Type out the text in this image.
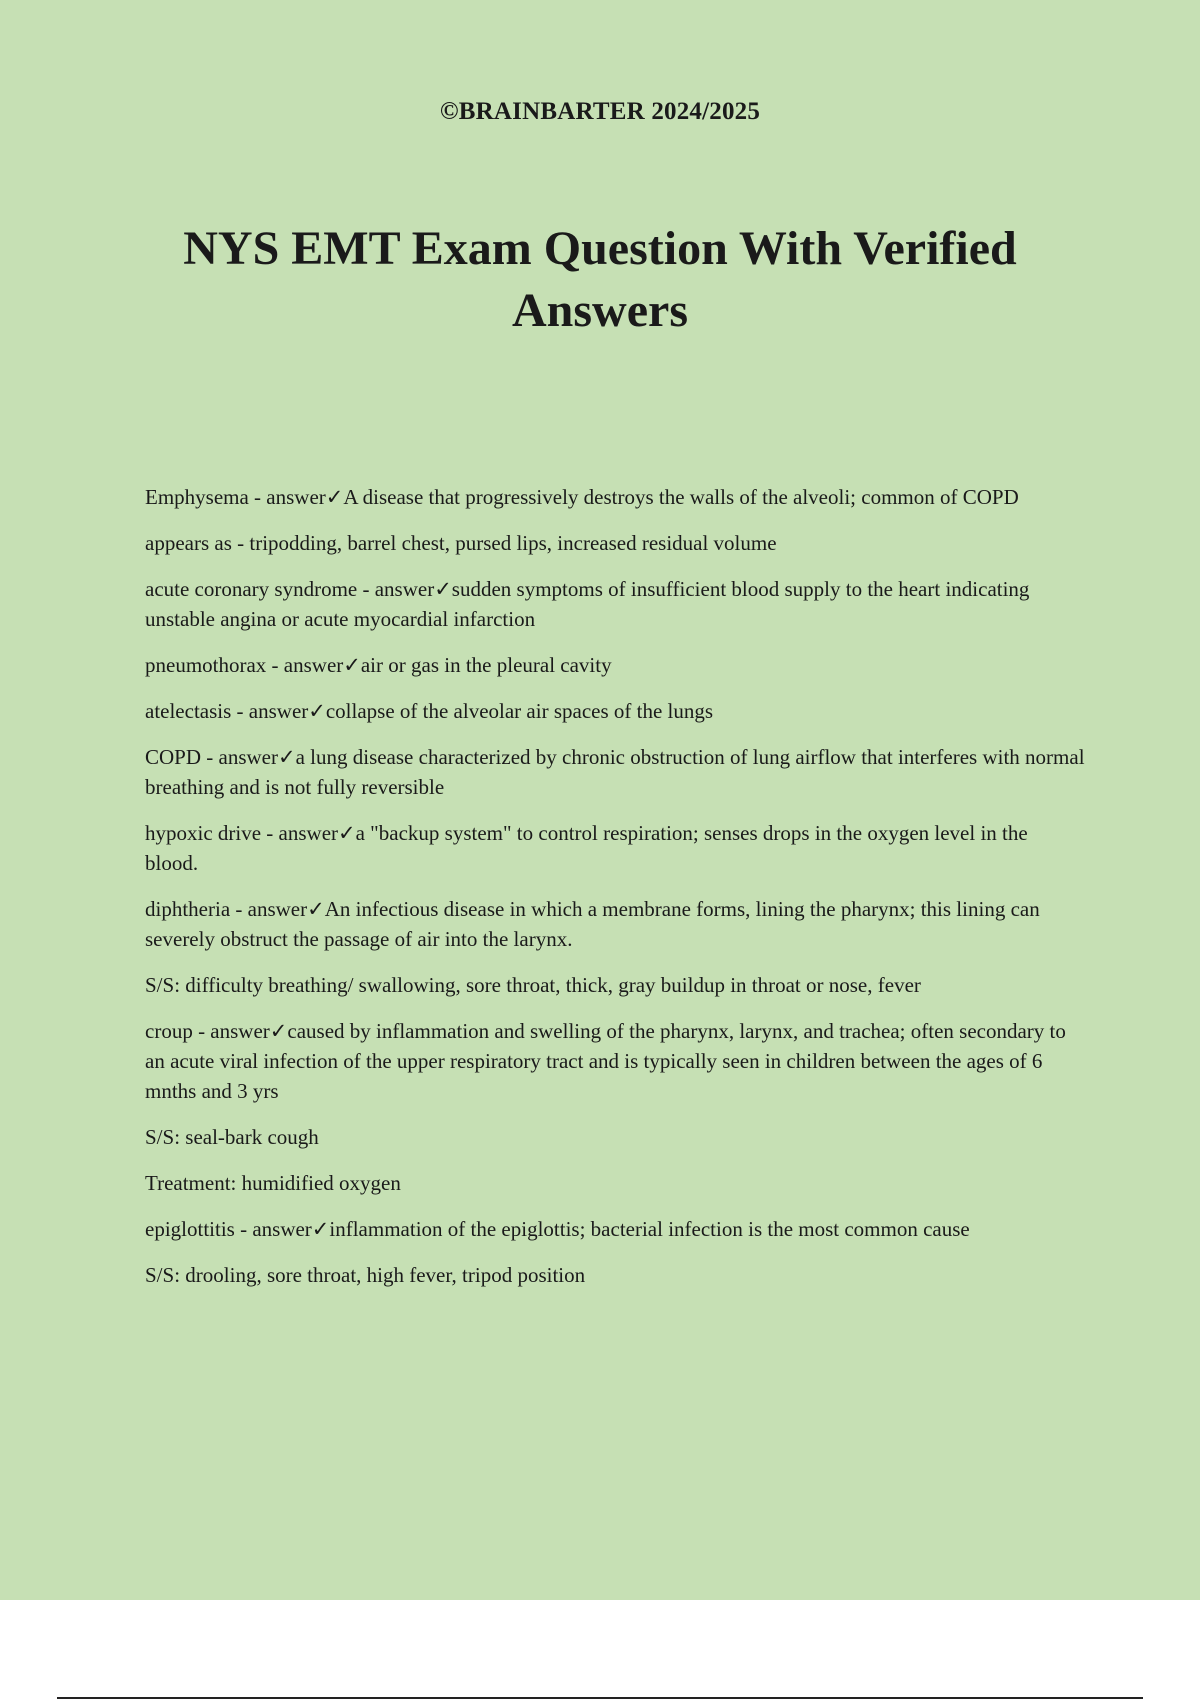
©BRAINBARTER 2024/2025
NYS EMT Exam Question With Verified Answers

Emphysema - answer✓A disease that progressively destroys the walls of the alveoli; common of COPD

appears as - tripodding, barrel chest, pursed lips, increased residual volume

acute coronary syndrome - answer✓sudden symptoms of insufficient blood supply to the heart indicating unstable angina or acute myocardial infarction

pneumothorax - answer✓air or gas in the pleural cavity

atelectasis - answer✓collapse of the alveolar air spaces of the lungs

COPD - answer✓a lung disease characterized by chronic obstruction of lung airflow that interferes with normal breathing and is not fully reversible

hypoxic drive - answer✓a "backup system" to control respiration; senses drops in the oxygen level in the blood.

diphtheria - answer✓An infectious disease in which a membrane forms, lining the pharynx; this lining can severely obstruct the passage of air into the larynx.

S/S: difficulty breathing/ swallowing, sore throat, thick, gray buildup in throat or nose, fever

croup - answer✓caused by inflammation and swelling of the pharynx, larynx, and trachea; often secondary to an acute viral infection of the upper respiratory tract and is typically seen in children between the ages of 6 mnths and 3 yrs

S/S: seal-bark cough

Treatment: humidified oxygen

epiglottitis - answer✓inflammation of the epiglottis; bacterial infection is the most common cause

S/S: drooling, sore throat, high fever, tripod position
